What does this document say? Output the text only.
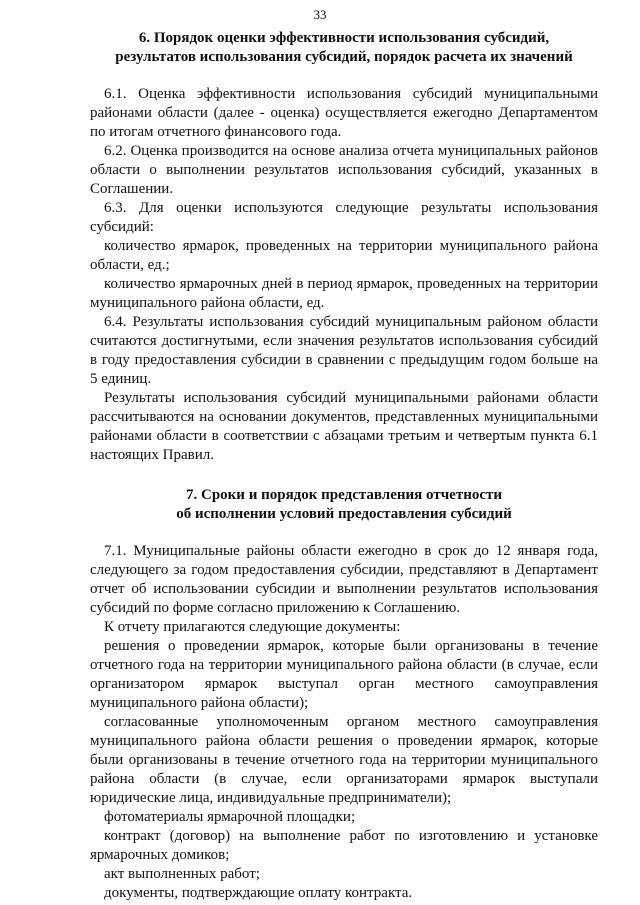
33
6. Порядок оценки эффективности использования субсидий,
результатов использования субсидий, порядок расчета их значений

6.1. Оценка эффективности использования субсидий муниципальными районами области (далее - оценка) осуществляется ежегодно Департаментом по итогам отчетного финансового года.

6.2. Оценка производится на основе анализа отчета муниципальных районов области о выполнении результатов использования субсидий, указанных в Соглашении.

6.3. Для оценки используются следующие результаты использования субсидий:

количество ярмарок, проведенных на территории муниципального района области, ед.;

количество ярмарочных дней в период ярмарок, проведенных на территории муниципального района области, ед.

6.4. Результаты использования субсидий муниципальным районом области считаются достигнутыми, если значения результатов использования субсидий в году предоставления субсидии в сравнении с предыдущим годом больше на 5 единиц.

Результаты использования субсидий муниципальными районами области рассчитываются на основании документов, представленных муниципальными районами области в соответствии с абзацами третьим и четвертым пункта 6.1 настоящих Правил.

7. Сроки и порядок представления отчетности
об исполнении условий предоставления субсидий

7.1. Муниципальные районы области ежегодно в срок до 12 января года, следующего за годом предоставления субсидии, представляют в Департамент отчет об использовании субсидии и выполнении результатов использования субсидий по форме согласно приложению к Соглашению.

К отчету прилагаются следующие документы:

решения о проведении ярмарок, которые были организованы в течение отчетного года на территории муниципального района области (в случае, если организатором ярмарок выступал орган местного самоуправления муниципального района области);

согласованные уполномоченным органом местного самоуправления муниципального района области решения о проведении ярмарок, которые были организованы в течение отчетного года на территории муниципального района области (в случае, если организаторами ярмарок выступали юридические лица, индивидуальные предприниматели);

фотоматериалы ярмарочной площадки;

контракт (договор) на выполнение работ по изготовлению и установке ярмарочных домиков;

акт выполненных работ;

документы, подтверждающие оплату контракта.
